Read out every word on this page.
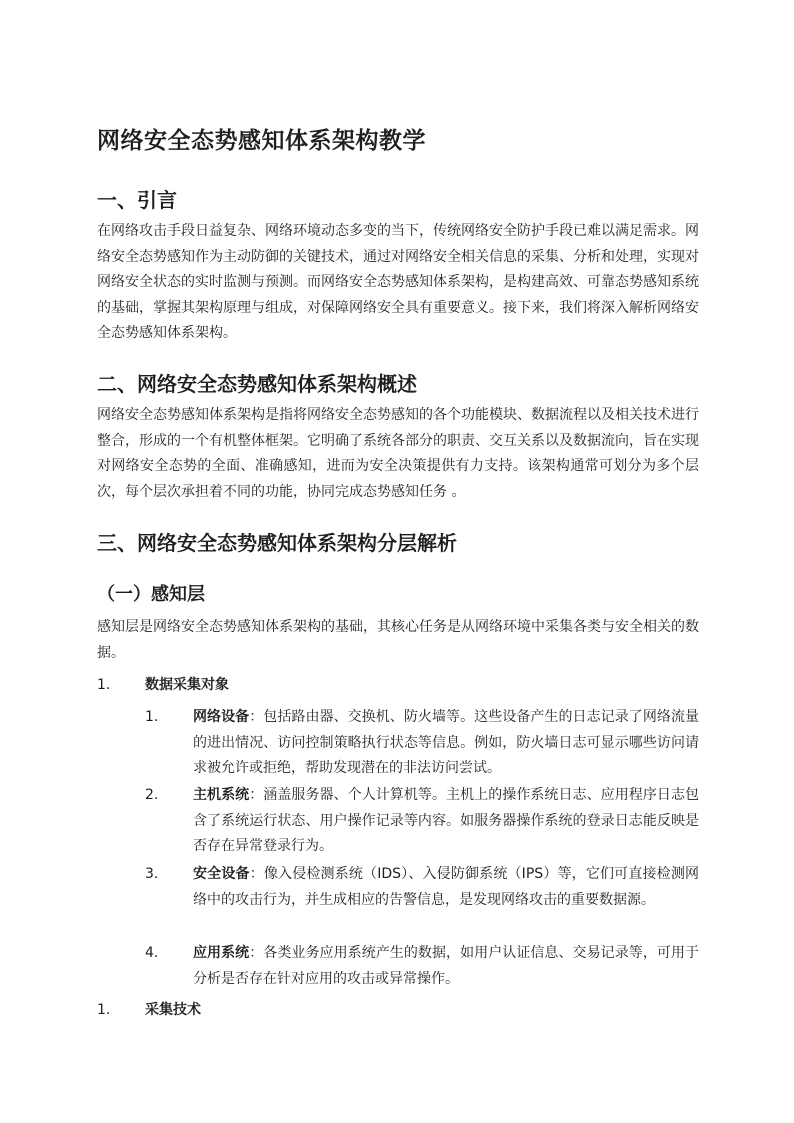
网络安全态势感知体系架构教学
一、引言
在网络攻击手段日益复杂、网络环境动态多变的当下，传统网络安全防护手段已难以满足需求。网络安全态势感知作为主动防御的关键技术，通过对网络安全相关信息的采集、分析和处理，实现对网络安全状态的实时监测与预测。而网络安全态势感知体系架构，是构建高效、可靠态势感知系统的基础，掌握其架构原理与组成，对保障网络安全具有重要意义。接下来，我们将深入解析网络安全态势感知体系架构。
二、网络安全态势感知体系架构概述
网络安全态势感知体系架构是指将网络安全态势感知的各个功能模块、数据流程以及相关技术进行整合，形成的一个有机整体框架。它明确了系统各部分的职责、交互关系以及数据流向，旨在实现对网络安全态势的全面、准确感知，进而为安全决策提供有力支持。该架构通常可划分为多个层次，每个层次承担着不同的功能，协同完成态势感知任务 。
三、网络安全态势感知体系架构分层解析
（一）感知层
感知层是网络安全态势感知体系架构的基础，其核心任务是从网络环境中采集各类与安全相关的数据。
1. 数据采集对象
1.	网络设备：包括路由器、交换机、防火墙等。这些设备产生的日志记录了网络流量的进出情况、访问控制策略执行状态等信息。例如，防火墙日志可显示哪些访问请求被允许或拒绝，帮助发现潜在的非法访问尝试。
2.	主机系统：涵盖服务器、个人计算机等。主机上的操作系统日志、应用程序日志包含了系统运行状态、用户操作记录等内容。如服务器操作系统的登录日志能反映是否存在异常登录行为。
3.	安全设备：像入侵检测系统（IDS）、入侵防御系统（IPS）等，它们可直接检测网络中的攻击行为，并生成相应的告警信息，是发现网络攻击的重要数据源。
4.	应用系统：各类业务应用系统产生的数据，如用户认证信息、交易记录等，可用于分析是否存在针对应用的攻击或异常操作。
1. 采集技术
